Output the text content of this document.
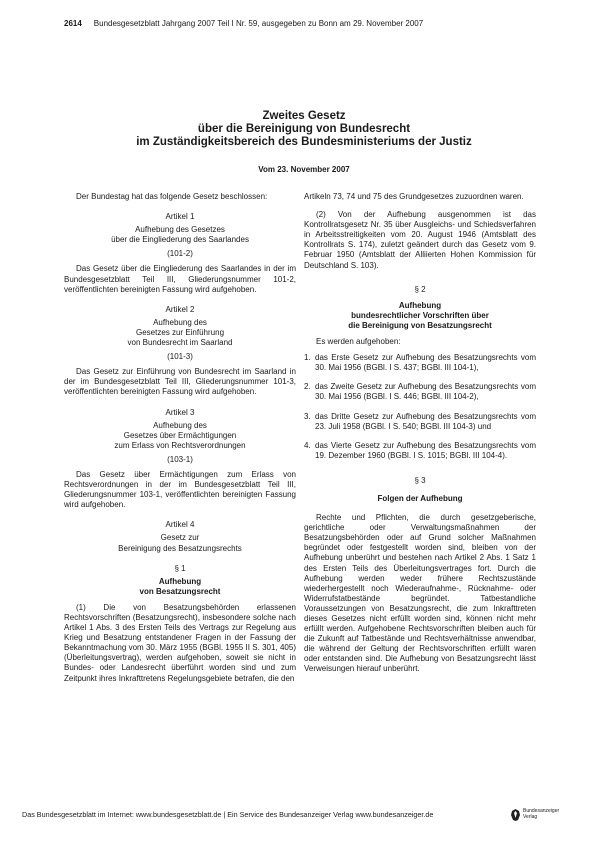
2614 Bundesgesetzblatt Jahrgang 2007 Teil I Nr. 59, ausgegeben zu Bonn am 29. November 2007
Zweites Gesetz
über die Bereinigung von Bundesrecht
im Zuständigkeitsbereich des Bundesministeriums der Justiz
Vom 23. November 2007

Der Bundestag hat das folgende Gesetz beschlossen:

Artikel 1

Aufhebung des Gesetzes

über die Eingliederung des Saarlandes

(101-2)

Das Gesetz über die Eingliederung des Saarlandes in der im Bundesgesetzblatt Teil III, Gliederungsnummer 101-2, veröffentlichten bereinigten Fassung wird aufgehoben.

Artikel 2

Aufhebung des

Gesetzes zur Einführung

von Bundesrecht im Saarland

(101-3)

Das Gesetz zur Einführung von Bundesrecht im Saarland in der im Bundesgesetzblatt Teil III, Gliederungsnummer 101-3, veröffentlichten bereinigten Fassung wird aufgehoben.

Artikel 3

Aufhebung des

Gesetzes über Ermächtigungen

zum Erlass von Rechtsverordnungen

(103-1)

Das Gesetz über Ermächtigungen zum Erlass von Rechtsverordnungen in der im Bundesgesetzblatt Teil III, Gliederungsnummer 103-1, veröffentlichten bereinigten Fassung wird aufgehoben.

Artikel 4

Gesetz zur

Bereinigung des Besatzungsrechts

§ 1

Aufhebung

von Besatzungsrecht

(1) Die von Besatzungsbehörden erlassenen Rechtsvorschriften (Besatzungsrecht), insbesondere solche nach Artikel 1 Abs. 3 des Ersten Teils des Vertrags zur Regelung aus Krieg und Besatzung entstandener Fragen in der Fassung der Bekanntmachung vom 30. März 1955 (BGBl. 1955 II S. 301, 405) (Überleitungsvertrag), werden aufgehoben, soweit sie nicht in Bundes- oder Landesrecht überführt worden sind und zum Zeitpunkt ihres Inkrafttretens Regelungsgebiete betrafen, die den

Artikeln 73, 74 und 75 des Grundgesetzes zuzuordnen waren.

(2) Von der Aufhebung ausgenommen ist das Kontrollratsgesetz Nr. 35 über Ausgleichs- und Schiedsverfahren in Arbeitsstreitigkeiten vom 20. August 1946 (Amtsblatt des Kontrollrats S. 174), zuletzt geändert durch das Gesetz vom 9. Februar 1950 (Amtsblatt der Alliierten Hohen Kommission für Deutschland S. 103).

§ 2

Aufhebung

bundesrechtlicher Vorschriften über

die Bereinigung von Besatzungsrecht

Es werden aufgehoben:

1. das Erste Gesetz zur Aufhebung des Besatzungsrechts vom 30. Mai 1956 (BGBl. I S. 437; BGBl. III 104-1),
2. das Zweite Gesetz zur Aufhebung des Besatzungsrechts vom 30. Mai 1956 (BGBl. I S. 446; BGBl. III 104-2),
3. das Dritte Gesetz zur Aufhebung des Besatzungsrechts vom 23. Juli 1958 (BGBl. I S. 540; BGBl. III 104-3) und
4. das Vierte Gesetz zur Aufhebung des Besatzungsrechts vom 19. Dezember 1960 (BGBl. I S. 1015; BGBl. III 104-4).

§ 3

Folgen der Aufhebung

Rechte und Pflichten, die durch gesetzgeberische, gerichtliche oder Verwaltungsmaßnahmen der Besatzungsbehörden oder auf Grund solcher Maßnahmen begründet oder festgestellt worden sind, bleiben von der Aufhebung unberührt und bestehen nach Artikel 2 Abs. 1 Satz 1 des Ersten Teils des Überleitungsvertrages fort. Durch die Aufhebung werden weder frühere Rechtszustände wiederhergestellt noch Wiederaufnahme-, Rücknahme- oder Widerrufstatbestände begründet. Tatbestandliche Voraussetzungen von Besatzungsrecht, die zum Inkrafttreten dieses Gesetzes nicht erfüllt worden sind, können nicht mehr erfüllt werden. Aufgehobene Rechtsvorschriften bleiben auch für die Zukunft auf Tatbestände und Rechtsverhältnisse anwendbar, die während der Geltung der Rechtsvorschriften erfüllt waren oder entstanden sind. Die Aufhebung von Besatzungsrecht lässt Verweisungen hierauf unberührt.

Das Bundesgesetzblatt im Internet: www.bundesgesetzblatt.de | Ein Service des Bundesanzeiger Verlag www.bundesanzeiger.de	Bundesanzeiger
Verlag
